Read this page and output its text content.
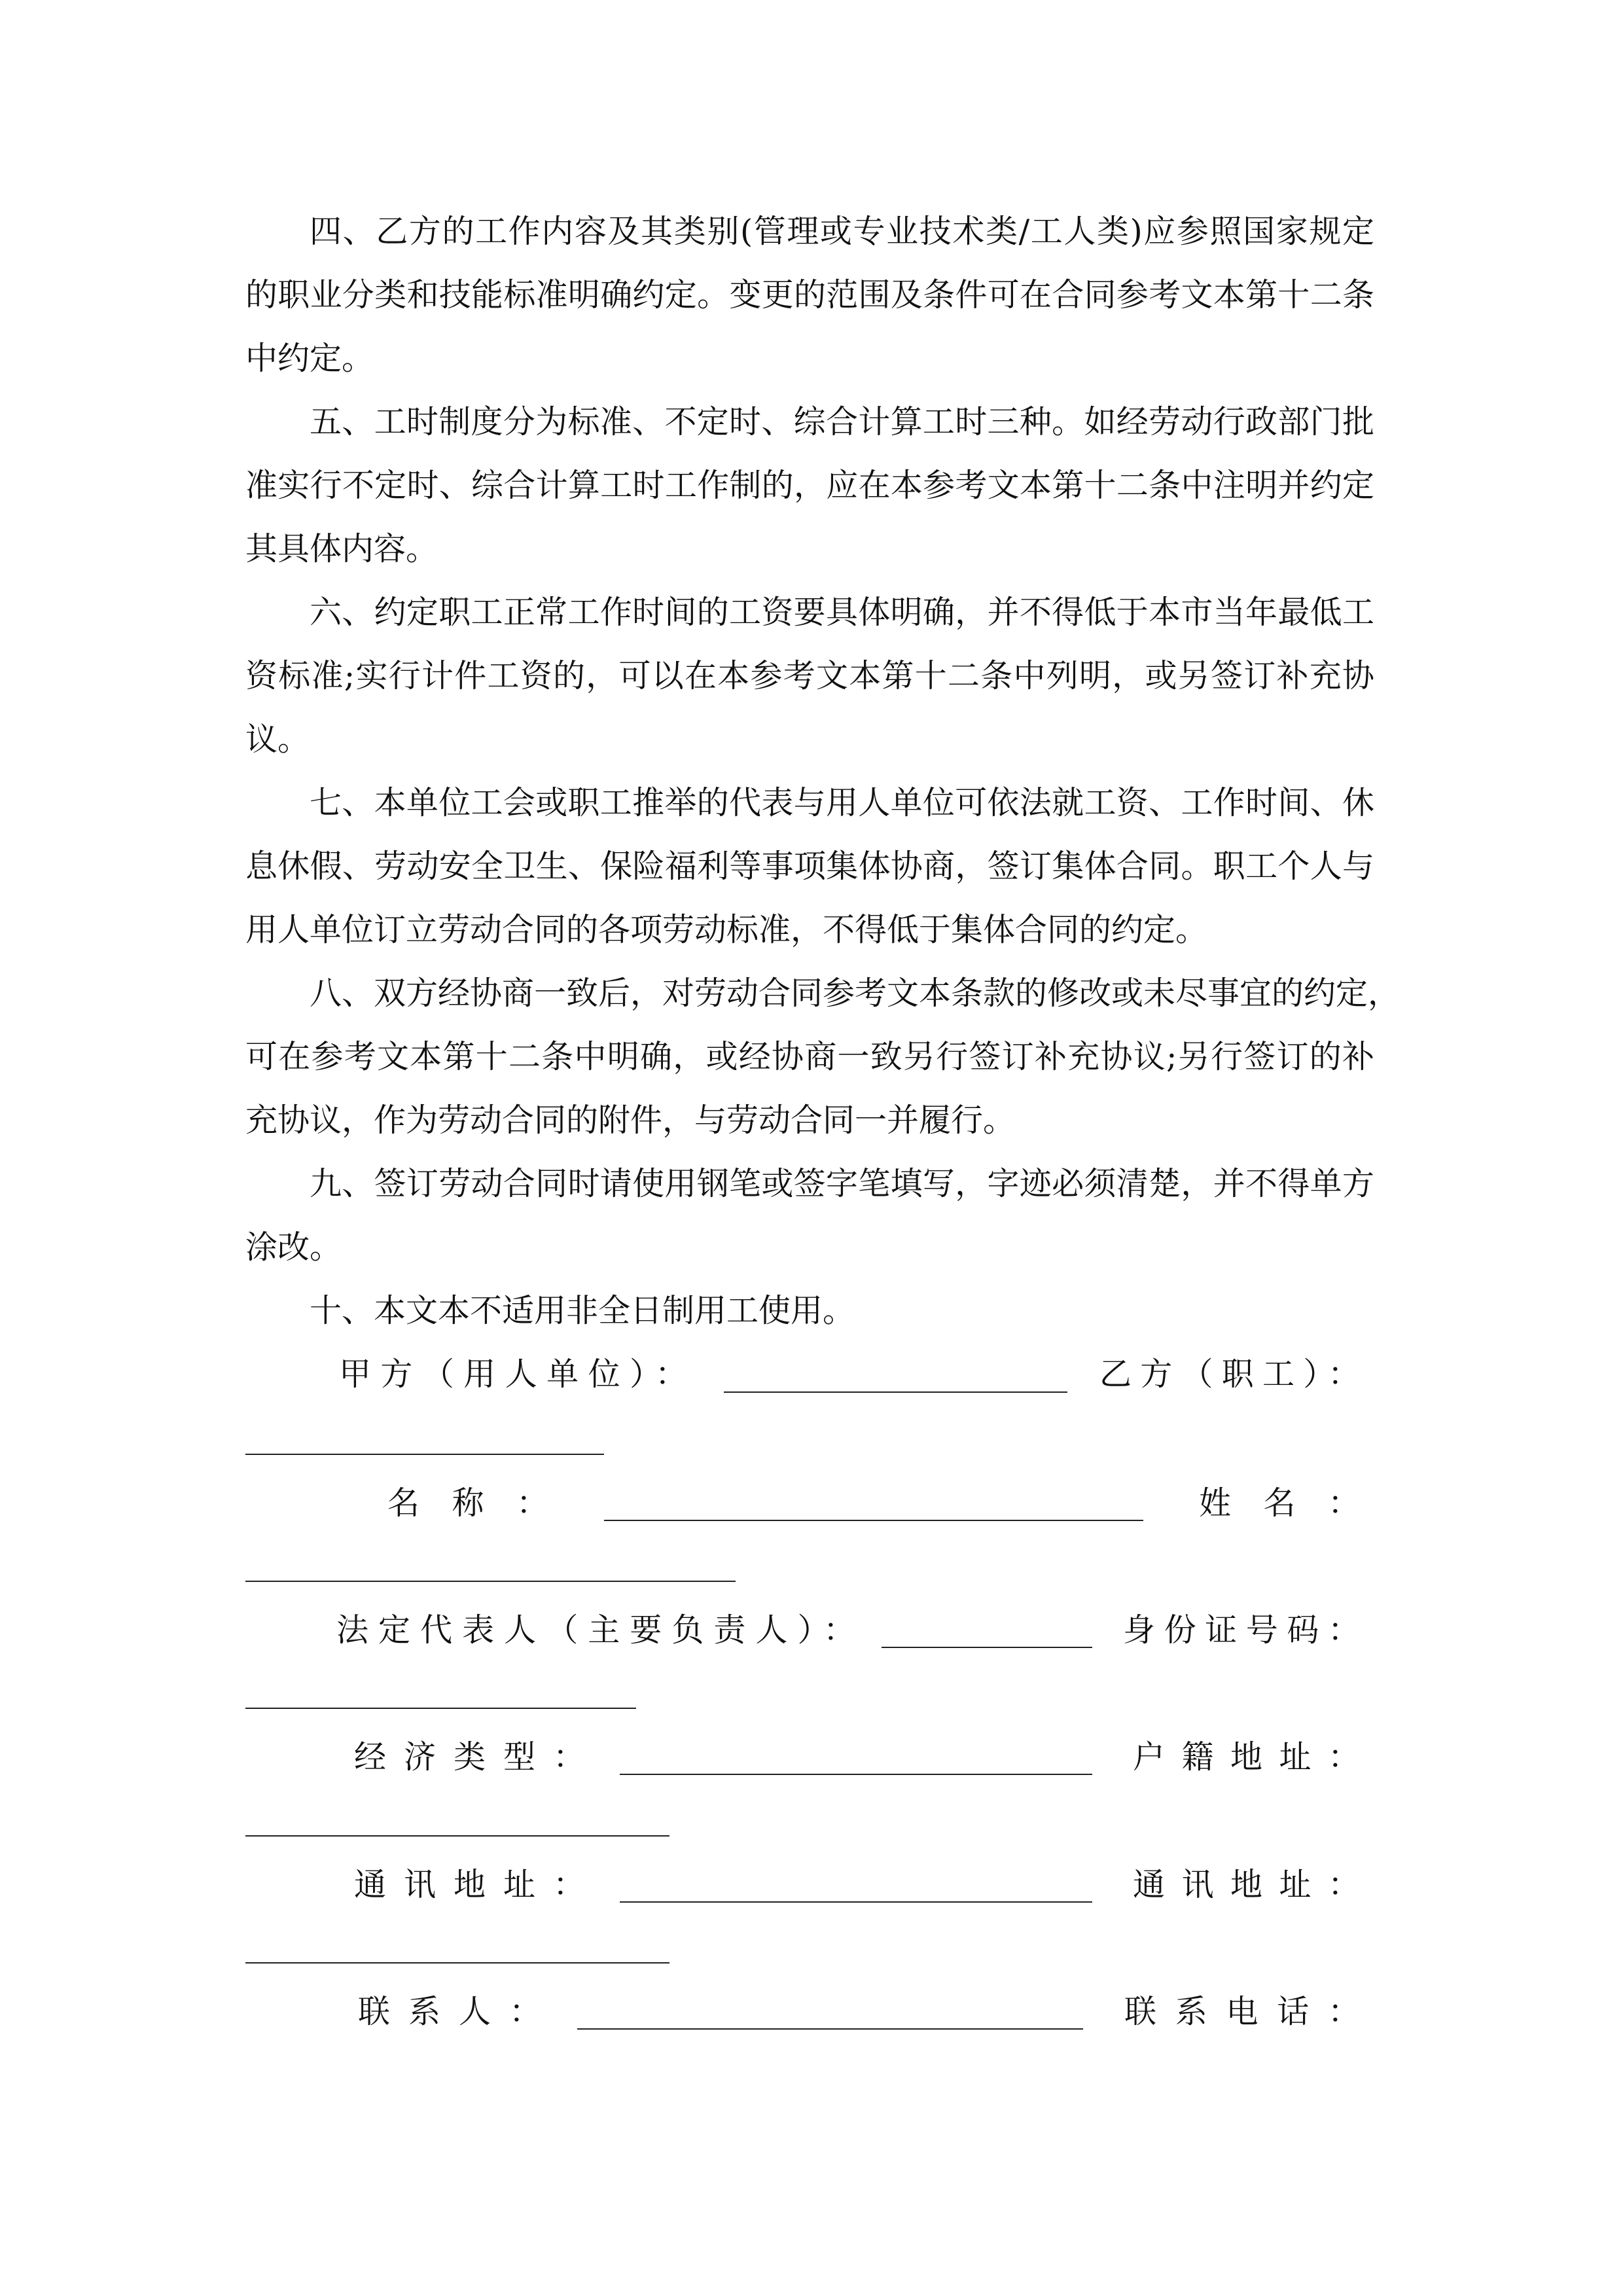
四、乙方的工作内容及其类别(管理或专业技术类/工人类)应参照国家规定
的职业分类和技能标准明确约定。变更的范围及条件可在合同参考文本第十二条
中约定。
五、工时制度分为标准、不定时、综合计算工时三种。如经劳动行政部门批
准实行不定时、综合计算工时工作制的，应在本参考文本第十二条中注明并约定
其具体内容。
六、约定职工正常工作时间的工资要具体明确，并不得低于本市当年最低工
资标准;实行计件工资的，可以在本参考文本第十二条中列明，或另签订补充协
议。
七、本单位工会或职工推举的代表与用人单位可依法就工资、工作时间、休
息休假、劳动安全卫生、保险福利等事项集体协商，签订集体合同。职工个人与
用人单位订立劳动合同的各项劳动标准，不得低于集体合同的约定。
八、双方经协商一致后，对劳动合同参考文本条款的修改或未尽事宜的约定，
可在参考文本第十二条中明确，或经协商一致另行签订补充协议;另行签订的补
充协议，作为劳动合同的附件，与劳动合同一并履行。
九、签订劳动合同时请使用钢笔或签字笔填写，字迹必须清楚，并不得单方
涂改。
十、本文本不适用非全日制用工使用。
甲方（用人单位）：	乙方（职工）：
名　称　：	姓　名　：
法定代表人（主要负责人）：	身份证号码：
经济类型：	户籍地址：
通讯地址：	通讯地址：
联系人：	联系电话：
